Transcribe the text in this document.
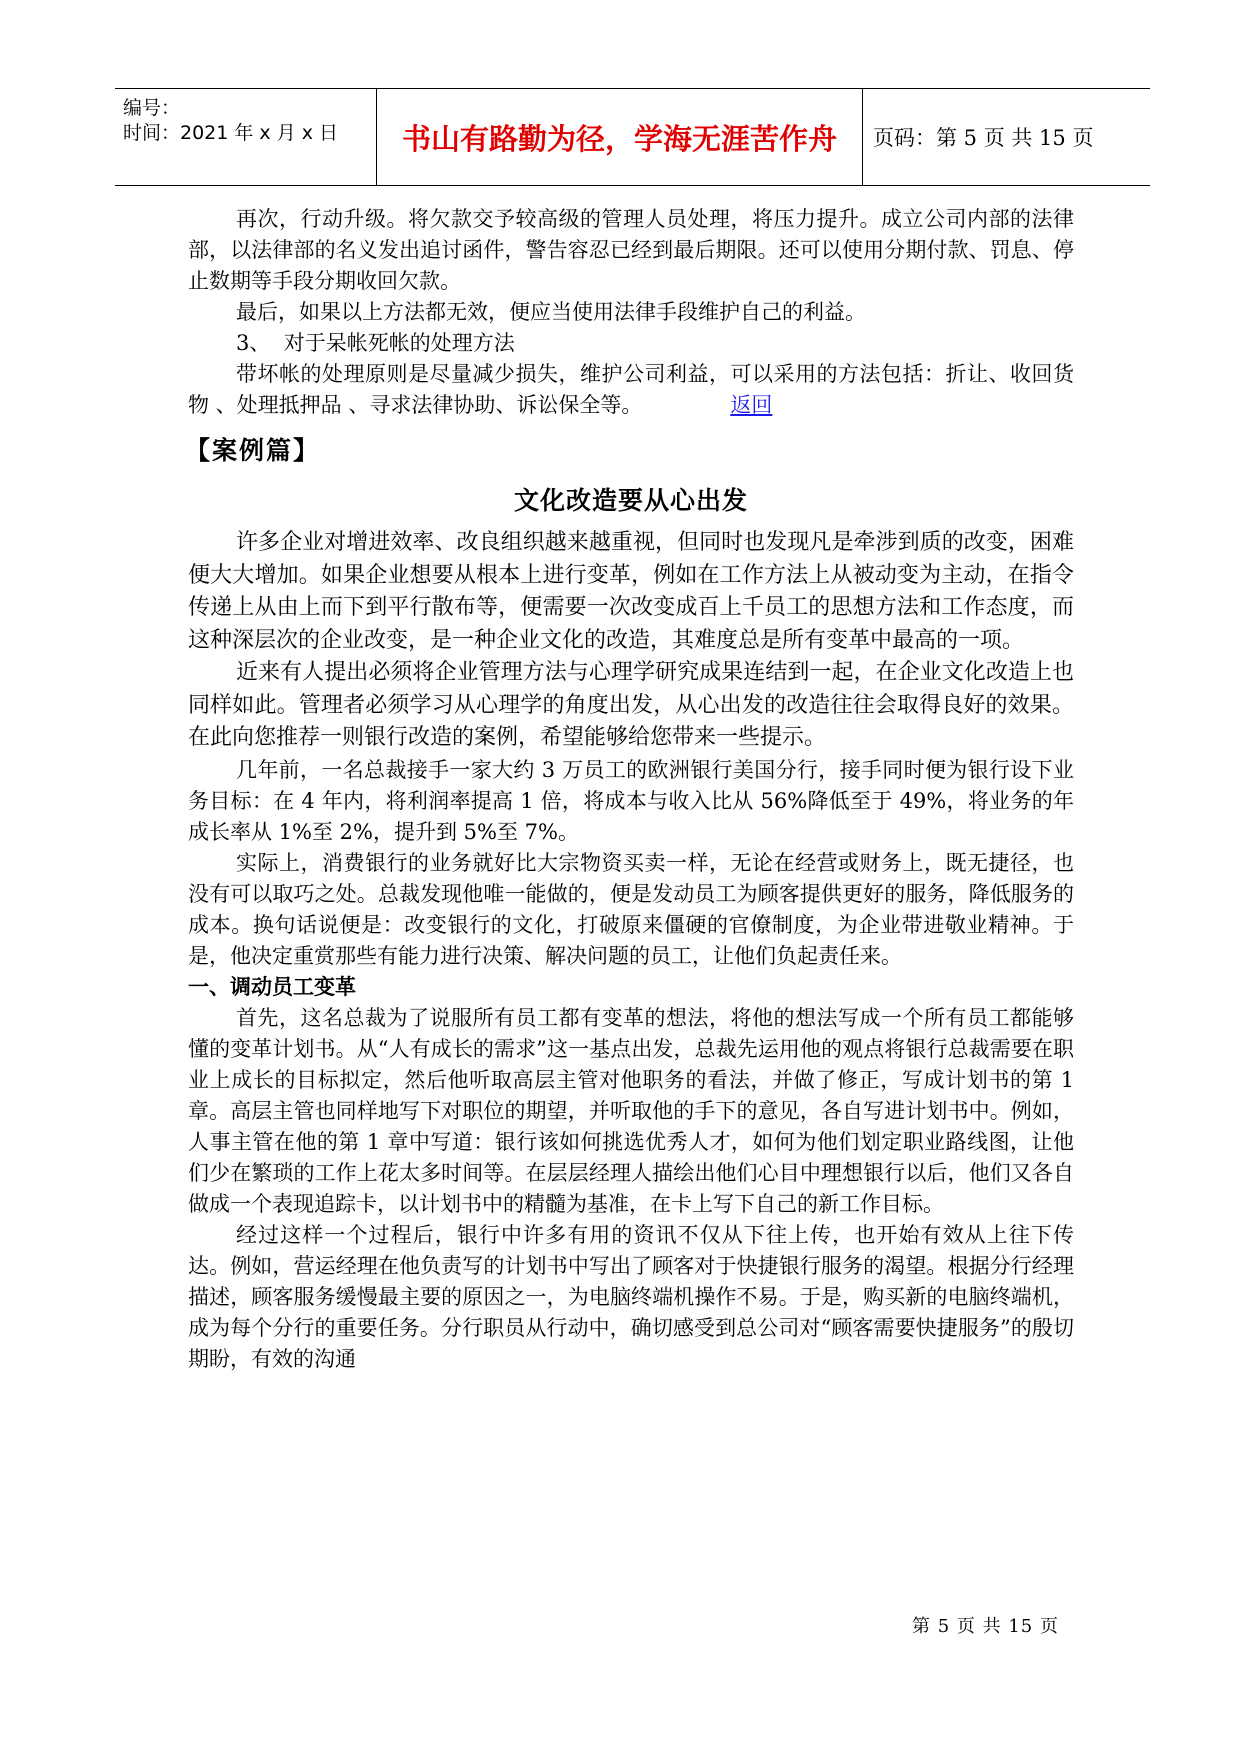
编号：
时间：2021 年 x 月 x 日	书山有路勤为径，学海无涯苦作舟	页码：第 5 页 共 15 页

再次，行动升级。将欠款交予较高级的管理人员处理，将压力提升。成立公司内部的法律部，以法律部的名义发出追讨函件，警告容忍已经到最后期限。还可以使用分期付款、罚息、停止数期等手段分期收回欠款。

最后，如果以上方法都无效，便应当使用法律手段维护自己的利益。

3、  对于呆帐死帐的处理方法

带坏帐的处理原则是尽量减少损失，维护公司利益，可以采用的方法包括：折让、收回货物 、处理抵押品 、寻求法律协助、诉讼保全等。	返回

【案例篇】
文化改造要从心出发

许多企业对增进效率、改良组织越来越重视，但同时也发现凡是牵涉到质的改变，困难便大大增加。如果企业想要从根本上进行变革，例如在工作方法上从被动变为主动，在指令传递上从由上而下到平行散布等，便需要一次改变成百上千员工的思想方法和工作态度，而这种深层次的企业改变，是一种企业文化的改造，其难度总是所有变革中最高的一项。

近来有人提出必须将企业管理方法与心理学研究成果连结到一起，在企业文化改造上也同样如此。管理者必须学习从心理学的角度出发，从心出发的改造往往会取得良好的效果。在此向您推荐一则银行改造的案例，希望能够给您带来一些提示。

几年前，一名总裁接手一家大约 3 万员工的欧洲银行美国分行，接手同时便为银行设下业务目标：在 4 年内，将利润率提高 1 倍，将成本与收入比从 56%降低至于 49%，将业务的年成长率从 1%至 2%，提升到 5%至 7%。

实际上，消费银行的业务就好比大宗物资买卖一样，无论在经营或财务上，既无捷径，也没有可以取巧之处。总裁发现他唯一能做的，便是发动员工为顾客提供更好的服务，降低服务的成本。换句话说便是：改变银行的文化，打破原来僵硬的官僚制度，为企业带进敬业精神。于是，他决定重赏那些有能力进行决策、解决问题的员工，让他们负起责任来。

一、调动员工变革

首先，这名总裁为了说服所有员工都有变革的想法，将他的想法写成一个所有员工都能够懂的变革计划书。从“人有成长的需求”这一基点出发，总裁先运用他的观点将银行总裁需要在职业上成长的目标拟定，然后他听取高层主管对他职务的看法，并做了修正，写成计划书的第 1 章。高层主管也同样地写下对职位的期望，并听取他的手下的意见，各自写进计划书中。例如，人事主管在他的第 1 章中写道：银行该如何挑选优秀人才，如何为他们划定职业路线图，让他们少在繁琐的工作上花太多时间等。在层层经理人描绘出他们心目中理想银行以后，他们又各自做成一个表现追踪卡，以计划书中的精髓为基准，在卡上写下自己的新工作目标。

经过这样一个过程后，银行中许多有用的资讯不仅从下往上传，也开始有效从上往下传达。例如，营运经理在他负责写的计划书中写出了顾客对于快捷银行服务的渴望。根据分行经理描述，顾客服务缓慢最主要的原因之一，为电脑终端机操作不易。于是，购买新的电脑终端机，成为每个分行的重要任务。分行职员从行动中，确切感受到总公司对“顾客需要快捷服务”的殷切期盼，有效的沟通

第 5 页 共 15 页
